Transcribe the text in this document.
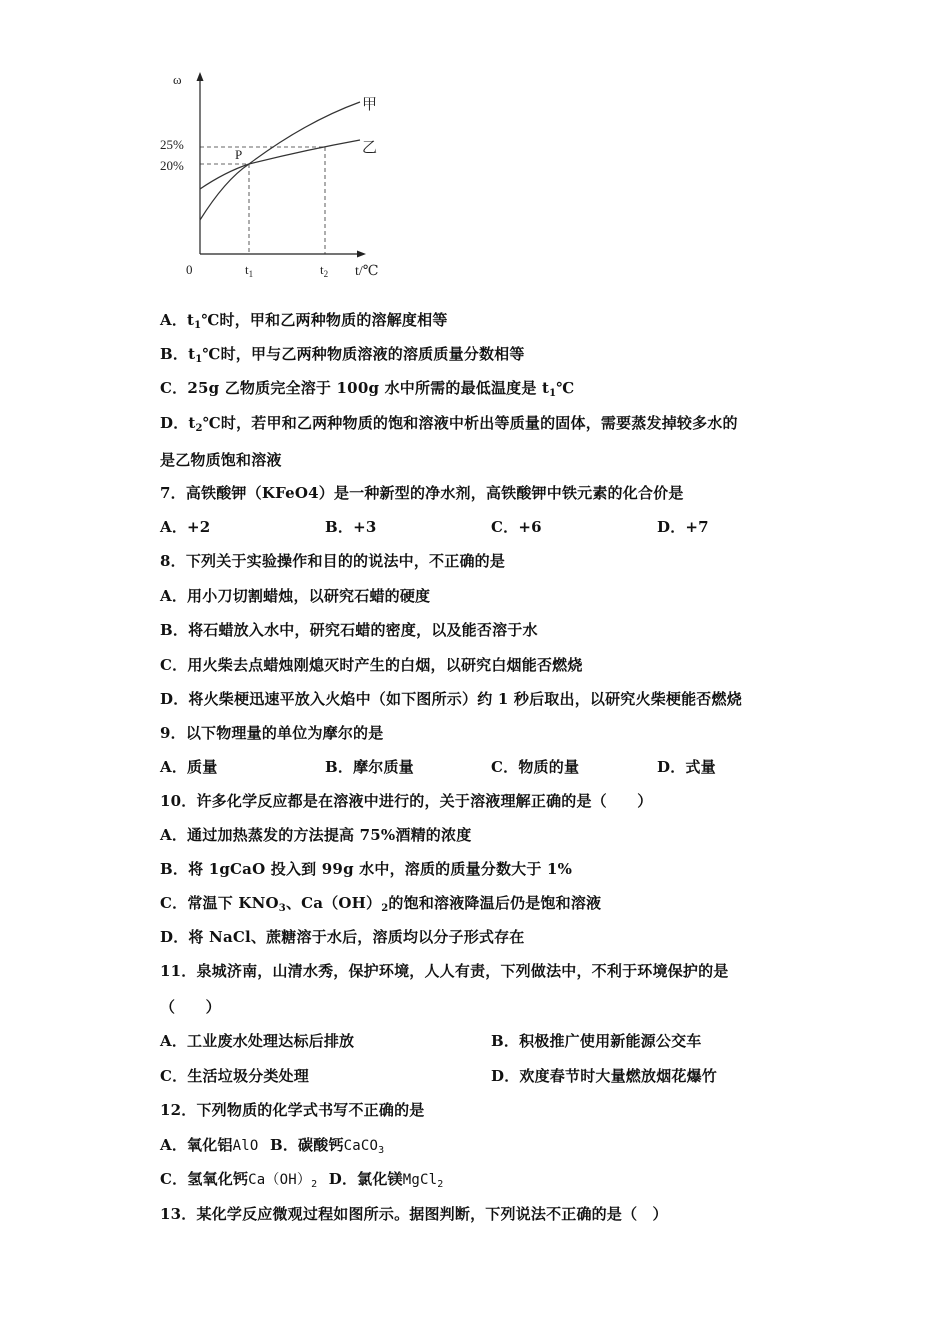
ω
25%
20%
0	$t_1$	$t_2$ t/℃
P
甲
乙
A．t1℃时，甲和乙两种物质的溶解度相等
B．t1℃时，甲与乙两种物质溶液的溶质质量分数相等
C．25g 乙物质完全溶于 100g 水中所需的最低温度是 t1℃
D．t2℃时，若甲和乙两种物质的饱和溶液中析出等质量的固体，需要蒸发掉较多水的
是乙物质饱和溶液
7．高铁酸钾（KFeO4）是一种新型的净水剂，高铁酸钾中铁元素的化合价是
A．+2	B．+3	C．+6	D．+7
8．下列关于实验操作和目的的说法中，不正确的是
A．用小刀切割蜡烛，以研究石蜡的硬度
B．将石蜡放入水中，研究石蜡的密度，以及能否溶于水
C．用火柴去点蜡烛刚熄灭时产生的白烟，以研究白烟能否燃烧
D．将火柴梗迅速平放入火焰中（如下图所示）约 1 秒后取出，以研究火柴梗能否燃烧
9．以下物理量的单位为摩尔的是
A．质量	B．摩尔质量	C．物质的量	D．式量
10．许多化学反应都是在溶液中进行的，关于溶液理解正确的是（　　）
A．通过加热蒸发的方法提高 75%酒精的浓度
B．将 1gCaO 投入到 99g 水中，溶质的质量分数大于 1%
C．常温下 KNO3、Ca（OH）2的饱和溶液降温后仍是饱和溶液
D．将 NaCl、蔗糖溶于水后，溶质均以分子形式存在
11．泉城济南，山清水秀，保护环境，人人有责，下列做法中，不利于环境保护的是
（　　）
A．工业废水处理达标后排放	B．积极推广使用新能源公交车
C．生活垃圾分类处理	D．欢度春节时大量燃放烟花爆竹
12．下列物质的化学式书写不正确的是
A．氧化铝AlO B．碳酸钙CaCO3
C．氢氧化钙Ca（OH）2 D．氯化镁MgCl2
13．某化学反应微观过程如图所示。据图判断，下列说法不正确的是（　）
